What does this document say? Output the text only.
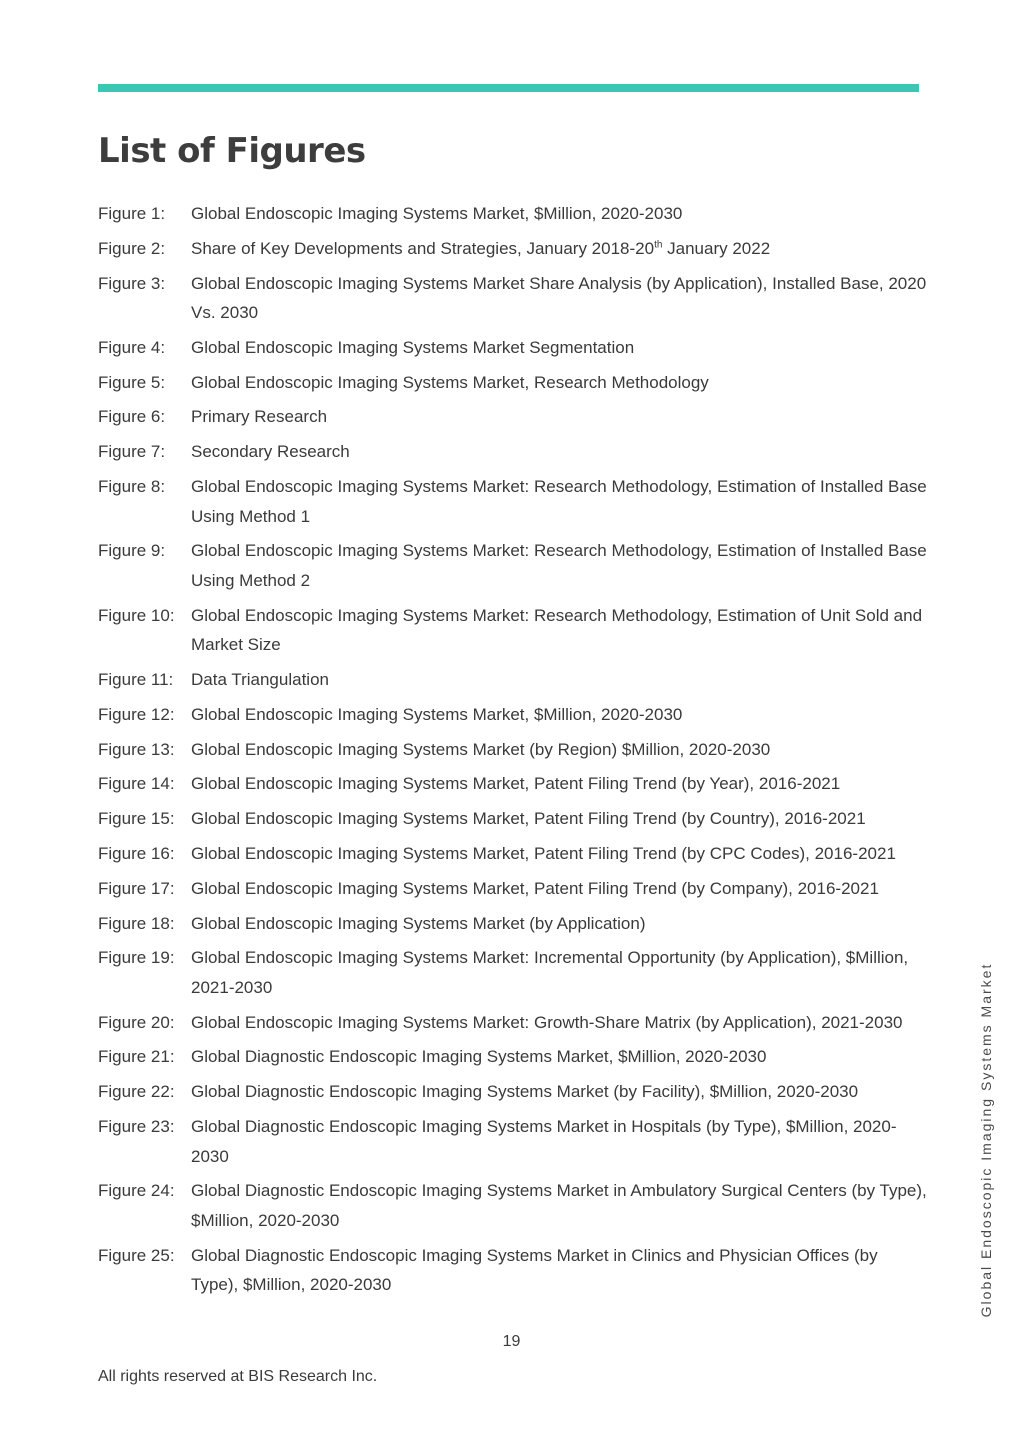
List of Figures
Figure 1:	Global Endoscopic Imaging Systems Market, $Million, 2020-2030
Figure 2:	Share of Key Developments and Strategies, January 2018-20th January 2022
Figure 3:	Global Endoscopic Imaging Systems Market Share Analysis (by Application), Installed Base, 2020 Vs. 2030
Figure 4:	Global Endoscopic Imaging Systems Market Segmentation
Figure 5:	Global Endoscopic Imaging Systems Market, Research Methodology
Figure 6:	Primary Research
Figure 7:	Secondary Research
Figure 8:	Global Endoscopic Imaging Systems Market: Research Methodology, Estimation of Installed Base Using Method 1
Figure 9:	Global Endoscopic Imaging Systems Market: Research Methodology, Estimation of Installed Base Using Method 2
Figure 10: Global Endoscopic Imaging Systems Market: Research Methodology, Estimation of Unit Sold and Market Size
Figure 11:	Data Triangulation
Figure 12: Global Endoscopic Imaging Systems Market, $Million, 2020-2030
Figure 13: Global Endoscopic Imaging Systems Market (by Region) $Million, 2020-2030
Figure 14: Global Endoscopic Imaging Systems Market, Patent Filing Trend (by Year), 2016-2021
Figure 15: Global Endoscopic Imaging Systems Market, Patent Filing Trend (by Country), 2016-2021
Figure 16: Global Endoscopic Imaging Systems Market, Patent Filing Trend (by CPC Codes), 2016-2021
Figure 17: Global Endoscopic Imaging Systems Market, Patent Filing Trend (by Company), 2016-2021
Figure 18: Global Endoscopic Imaging Systems Market (by Application)
Figure 19: Global Endoscopic Imaging Systems Market: Incremental Opportunity (by Application), $Million, 2021-2030
Figure 20: Global Endoscopic Imaging Systems Market: Growth-Share Matrix (by Application), 2021-2030
Figure 21: Global Diagnostic Endoscopic Imaging Systems Market, $Million, 2020-2030
Figure 22: Global Diagnostic Endoscopic Imaging Systems Market (by Facility), $Million, 2020-2030
Figure 23: Global Diagnostic Endoscopic Imaging Systems Market in Hospitals (by Type), $Million, 2020-2030
Figure 24: Global Diagnostic Endoscopic Imaging Systems Market in Ambulatory Surgical Centers (by Type), $Million, 2020-2030
Figure 25: Global Diagnostic Endoscopic Imaging Systems Market in Clinics and Physician Offices (by Type), $Million, 2020-2030
19
All rights reserved at BIS Research Inc.
Global Endoscopic Imaging Systems Market
